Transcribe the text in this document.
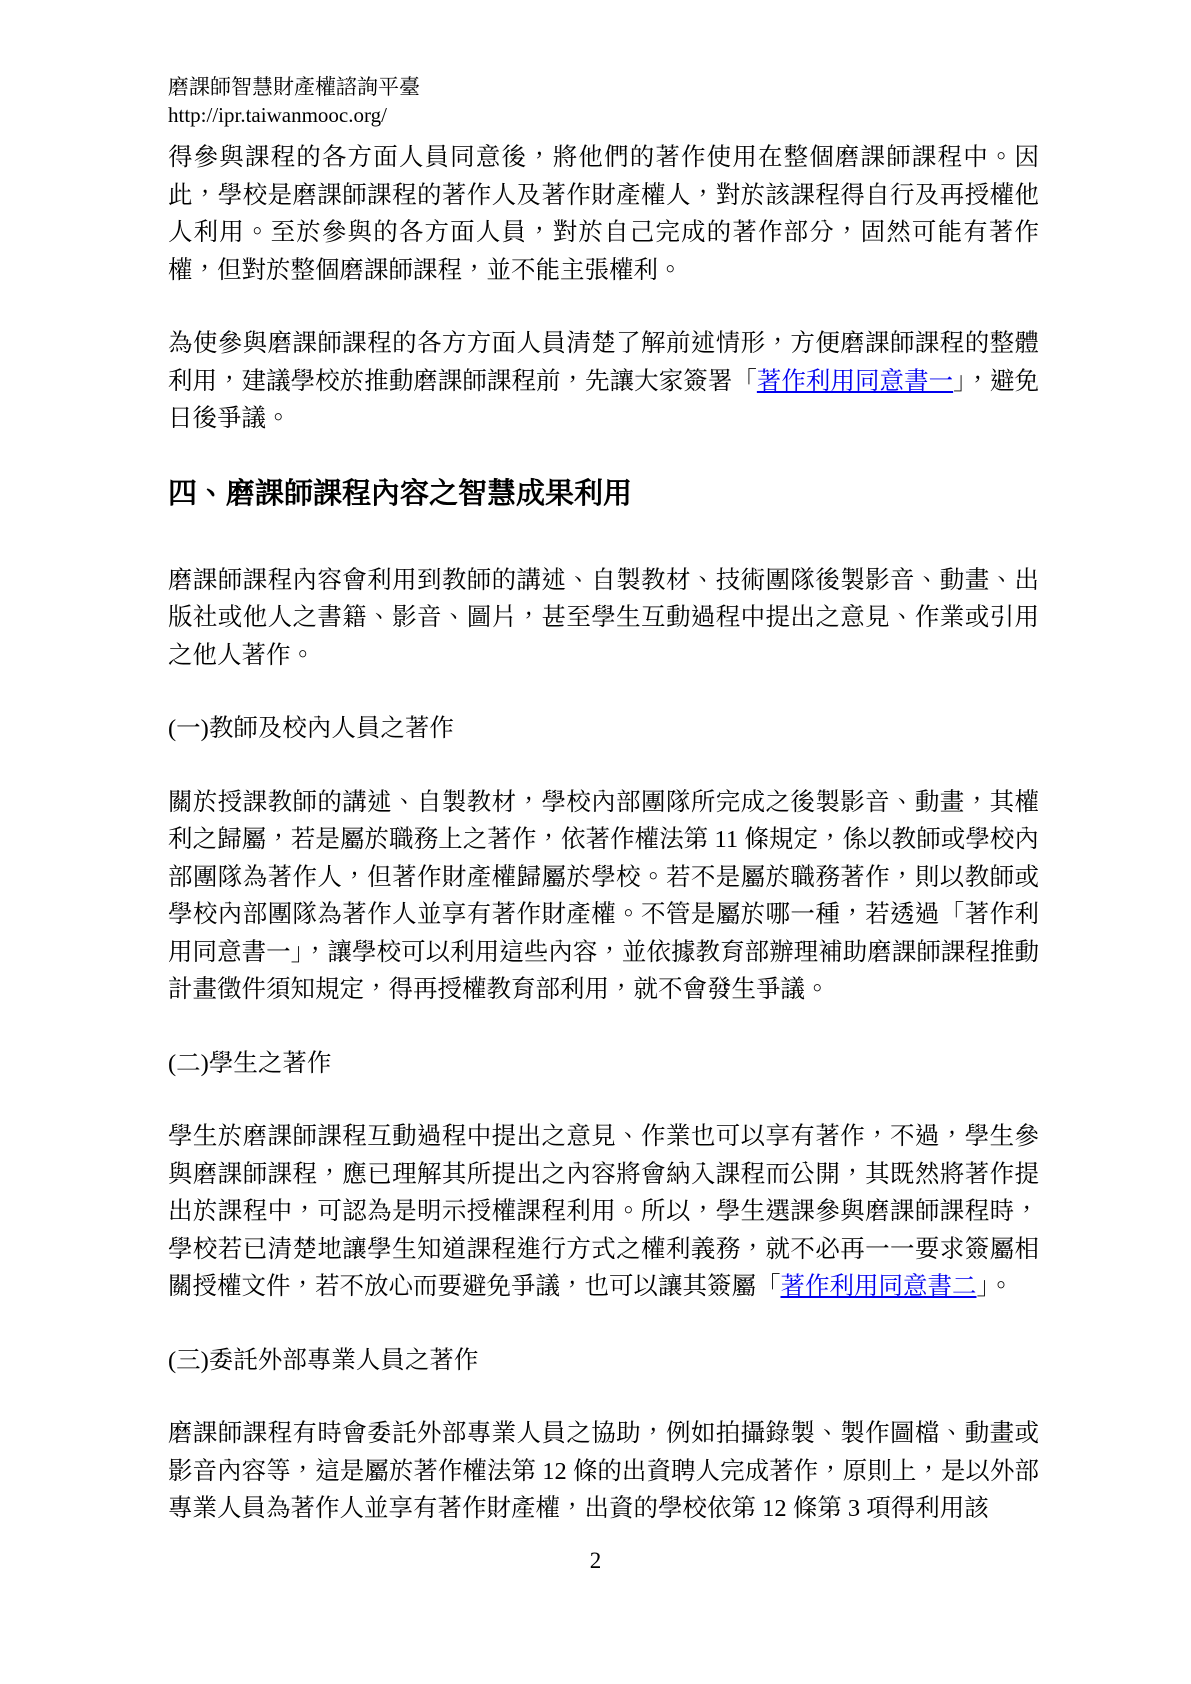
磨課師智慧財產權諮詢平臺
http://ipr.taiwanmooc.org/

得參與課程的各方面人員同意後，將他們的著作使用在整個磨課師課程中。因此，學校是磨課師課程的著作人及著作財產權人，對於該課程得自行及再授權他人利用。至於參與的各方面人員，對於自己完成的著作部分，固然可能有著作權，但對於整個磨課師課程，並不能主張權利。

為使參與磨課師課程的各方方面人員清楚了解前述情形，方便磨課師課程的整體利用，建議學校於推動磨課師課程前，先讓大家簽署「著作利用同意書一」，避免日後爭議。

四、磨課師課程內容之智慧成果利用

磨課師課程內容會利用到教師的講述、自製教材、技術團隊後製影音、動畫、出版社或他人之書籍、影音、圖片，甚至學生互動過程中提出之意見、作業或引用之他人著作。

(一)教師及校內人員之著作

關於授課教師的講述、自製教材，學校內部團隊所完成之後製影音、動畫，其權利之歸屬，若是屬於職務上之著作，依著作權法第 11 條規定，係以教師或學校內部團隊為著作人，但著作財產權歸屬於學校。若不是屬於職務著作，則以教師或學校內部團隊為著作人並享有著作財產權。不管是屬於哪一種，若透過「著作利用同意書一」，讓學校可以利用這些內容，並依據教育部辦理補助磨課師課程推動計畫徵件須知規定，得再授權教育部利用，就不會發生爭議。

(二)學生之著作

學生於磨課師課程互動過程中提出之意見、作業也可以享有著作，不過，學生參與磨課師課程，應已理解其所提出之內容將會納入課程而公開，其既然將著作提出於課程中，可認為是明示授權課程利用。所以，學生選課參與磨課師課程時，學校若已清楚地讓學生知道課程進行方式之權利義務，就不必再一一要求簽屬相關授權文件，若不放心而要避免爭議，也可以讓其簽屬「著作利用同意書二」。

(三)委託外部專業人員之著作

磨課師課程有時會委託外部專業人員之協助，例如拍攝錄製、製作圖檔、動畫或影音內容等，這是屬於著作權法第 12 條的出資聘人完成著作，原則上，是以外部專業人員為著作人並享有著作財產權，出資的學校依第 12 條第 3 項得利用該

2
